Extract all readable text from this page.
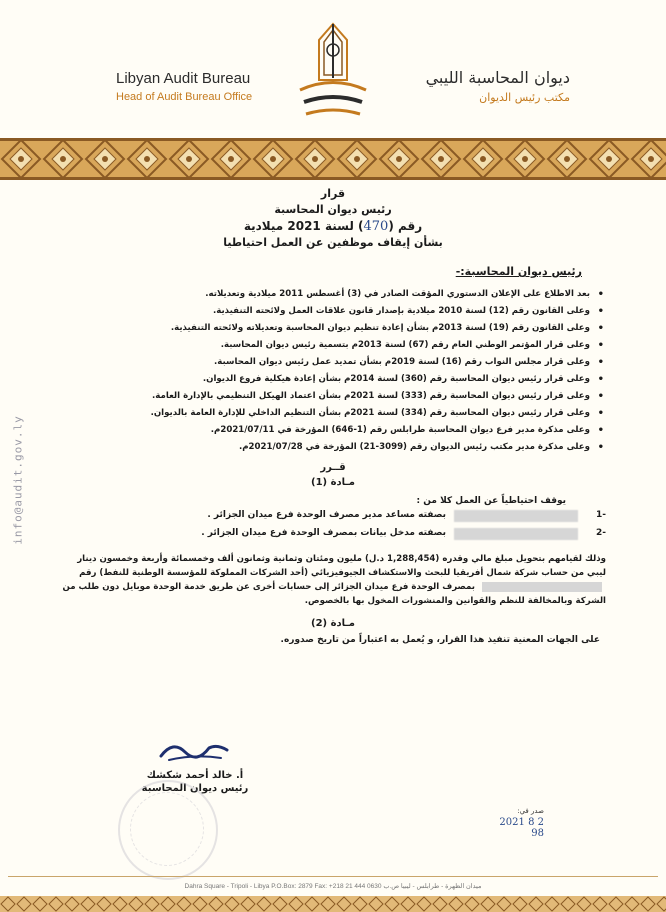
Libyan Audit Bureau
Head of Audit Bureau Office
ديوان المحاسبة الليبي
مكتب رئيس الديوان
info@audit.gov.ly
قرار
رئيس ديوان المحاسبة
رقم (470) لسنة 2021 ميلادية
بشأن إيقاف موظفين عن العمل احتياطيا
رئيس ديوان المحاسبة:-
• بعد الاطلاع على الإعلان الدستوري المؤقت الصادر في (3) أغسطس 2011 ميلادية وتعديلاته.
• وعلى القانون رقم (12) لسنة 2010 ميلادية بإصدار قانون علاقات العمل ولائحته التنفيذية.
• وعلى القانون رقم (19) لسنة 2013م بشأن إعادة تنظيم ديوان المحاسبة وتعديلاته ولائحته التنفيذية.
• وعلى قرار المؤتمر الوطني العام رقم (67) لسنة 2013م بتسمية رئيس ديوان المحاسبة.
• وعلى قرار مجلس النواب رقم (16) لسنة 2019م بشأن تمديد عمل رئيس ديوان المحاسبة.
• وعلى قرار رئيس ديوان المحاسبة رقم (360) لسنة 2014م بشأن إعادة هيكلية فروع الديوان.
• وعلى قرار رئيس ديوان المحاسبة رقم (333) لسنة 2021م بشأن اعتماد الهيكل التنظيمي بالإدارة العامة.
• وعلى قرار رئيس ديوان المحاسبة رقم (334) لسنة 2021م بشأن التنظيم الداخلي للإدارة العامة بالديوان.
• وعلى مذكرة مدير فرع ديوان المحاسبة طرابلس رقم (1-646) المؤرخة في 2021/07/11م.
• وعلى مذكرة مدير مكتب رئيس الديوان رقم (3099-21) المؤرخة في 2021/07/28م.
قــرر
مـادة (1)
يوقف احتياطياً عن العمل كلا من :
-1
بصفته مساعد مدير مصرف الوحدة فرع ميدان الجزائر .
-2
بصفته مدخل بيانات بمصرف الوحدة فرع ميدان الجزائر .
وذلك لقيامهم بتحويل مبلغ مالي وقدره (1,288,454 د.ل) مليون ومئتان وثمانية وثمانون ألف وخمسمائة وأربعة وخمسون دينار ليبي من حساب شركة شمال أفريقيا للبحث والاستكشاف الجيوفيزيائي (أحد الشركات المملوكة للمؤسسة الوطنية للنفط) رقم  بمصرف الوحدة فرع ميدان الجزائر إلى حسابات أخرى عن طريق خدمة الوحدة موبايل دون طلب من الشركة وبالمخالفة للنظم والقوانين والمنشورات المخول بها بالخصوص.
مـادة (2)
على الجهات المعنية تنفيذ هذا القرار، و يُعمل به اعتباراً من تاريخ صدوره.
أ. خالد أحمد شكشك
رئيس ديوان المحاسبة
صدر في:
2 8 2021
98
Dahra Square - Tripoli - Libya P.O.Box: 2879 Fax: +218 21 444 0630 ميدان الظهرة - طرابلس - ليبيا ص.ب
